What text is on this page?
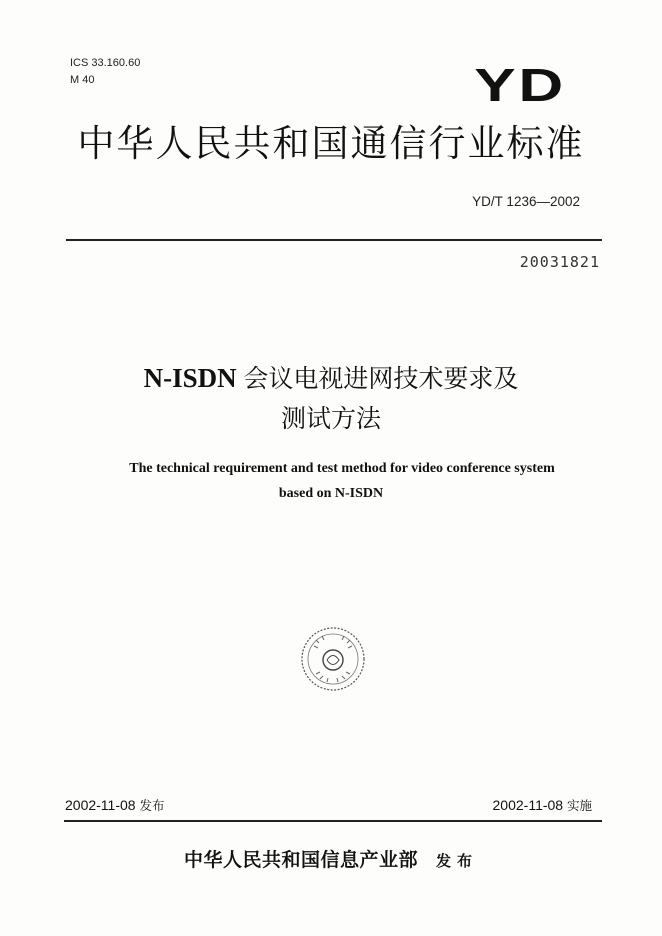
ICS 33.160.60
M 40	YD
中华人民共和国通信行业标准
YD/T 1236—2002
20031821
N-ISDN 会议电视进网技术要求及
测试方法
The technical requirement and test method for video conference system
based on N-ISDN
2002-11-08 发布	2002-11-08 实施
中华人民共和国信息产业部 发布
